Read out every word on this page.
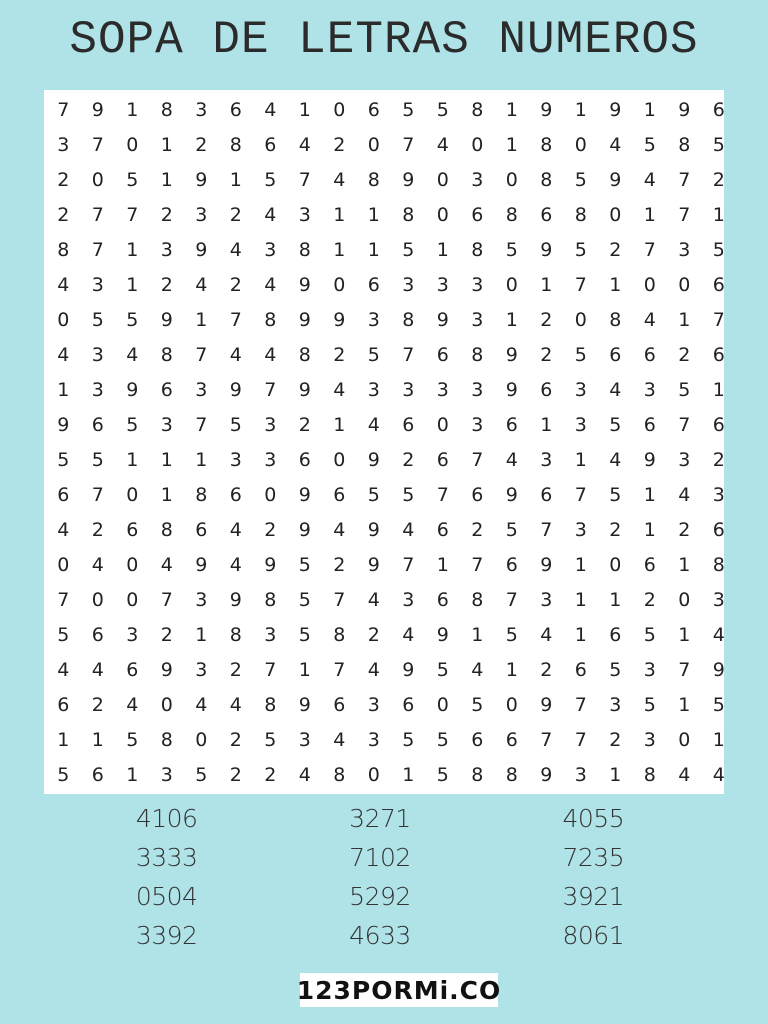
SOPA DE LETRAS NUMEROS
7	9	1	8	3	6	4	1	0	6	5	5	8	1	9	1	9	1	9	6
3	7	0	1	2	8	6	4	2	0	7	4	0	1	8	0	4	5	8	5
2	0	5	1	9	1	5	7	4	8	9	0	3	0	8	5	9	4	7	2
2	7	7	2	3	2	4	3	1	1	8	0	6	8	6	8	0	1	7	1
8	7	1	3	9	4	3	8	1	1	5	1	8	5	9	5	2	7	3	5
4	3	1	2	4	2	4	9	0	6	3	3	3	0	1	7	1	0	0	6
0	5	5	9	1	7	8	9	9	3	8	9	3	1	2	0	8	4	1	7
4	3	4	8	7	4	4	8	2	5	7	6	8	9	2	5	6	6	2	6
1	3	9	6	3	9	7	9	4	3	3	3	3	9	6	3	4	3	5	1
9	6	5	3	7	5	3	2	1	4	6	0	3	6	1	3	5	6	7	6
5	5	1	1	1	3	3	6	0	9	2	6	7	4	3	1	4	9	3	2
6	7	0	1	8	6	0	9	6	5	5	7	6	9	6	7	5	1	4	3
4	2	6	8	6	4	2	9	4	9	4	6	2	5	7	3	2	1	2	6
0	4	0	4	9	4	9	5	2	9	7	1	7	6	9	1	0	6	1	8
7	0	0	7	3	9	8	5	7	4	3	6	8	7	3	1	1	2	0	3
5	6	3	2	1	8	3	5	8	2	4	9	1	5	4	1	6	5	1	4
4	4	6	9	3	2	7	1	7	4	9	5	4	1	2	6	5	3	7	9
6	2	4	0	4	4	8	9	6	3	6	0	5	0	9	7	3	5	1	5
1	1	5	8	0	2	5	3	4	3	5	5	6	6	7	7	2	3	0	1
5	6	1	3	5	2	2	4	8	0	1	5	8	8	9	3	1	8	4	4
4106	3271	4055
3333	7102	7235
0504	5292	3921
3392	4633	8061
123PORMi.CO
